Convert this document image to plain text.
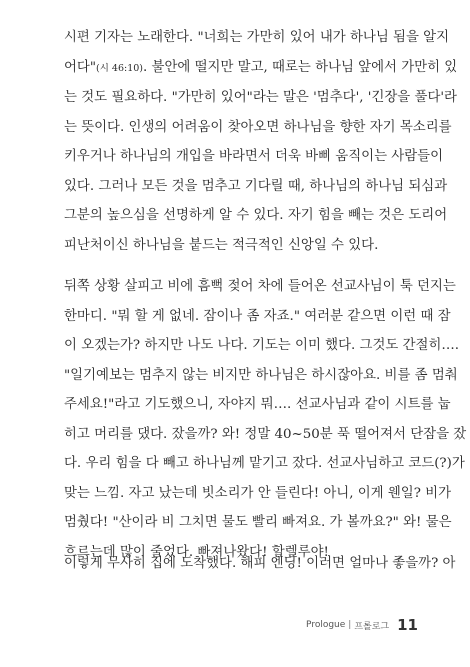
시편 기자는 노래한다. "너희는 가만히 있어 내가 하나님 됨을 알지
어다"(시 46:10). 불안에 떨지만 말고, 때로는 하나님 앞에서 가만히 있
는 것도 필요하다. "가만히 있어"라는 말은 '멈추다', '긴장을 풀다'라
는 뜻이다. 인생의 어려움이 찾아오면 하나님을 향한 자기 목소리를
키우거나 하나님의 개입을 바라면서 더욱 바삐 움직이는 사람들이
있다. 그러나 모든 것을 멈추고 기다릴 때, 하나님의 하나님 되심과
그분의 높으심을 선명하게 알 수 있다. 자기 힘을 빼는 것은 도리어
피난처이신 하나님을 붙드는 적극적인 신앙일 수 있다.
뒤쪽 상황 살피고 비에 흠뻑 젖어 차에 들어온 선교사님이 툭 던지는
한마디. "뭐 할 게 없네. 잠이나 좀 자죠." 여러분 같으면 이런 때 잠
이 오겠는가? 하지만 나도 나다. 기도는 이미 했다. 그것도 간절히….
"일기예보는 멈추지 않는 비지만 하나님은 하시잖아요. 비를 좀 멈춰
주세요!"라고 기도했으니, 자야지 뭐…. 선교사님과 같이 시트를 눕
히고 머리를 댔다. 잤을까? 와! 정말 40~50분 푹 떨어져서 단잠을 잤
다. 우리 힘을 다 빼고 하나님께 맡기고 잤다. 선교사님하고 코드(?)가
맞는 느낌. 자고 났는데 빗소리가 안 들린다! 아니, 이게 웬일? 비가
멈췄다! "산이라 비 그치면 물도 빨리 빠져요. 가 볼까요?" 와! 물은
흐르는데 많이 줄었다. 빠져나왔다! 할렐루야!
이렇게 무사히 집에 도착했다. 해피 엔딩! 이러면 얼마나 좋을까? 아
Prologue | 프롤로그 11
